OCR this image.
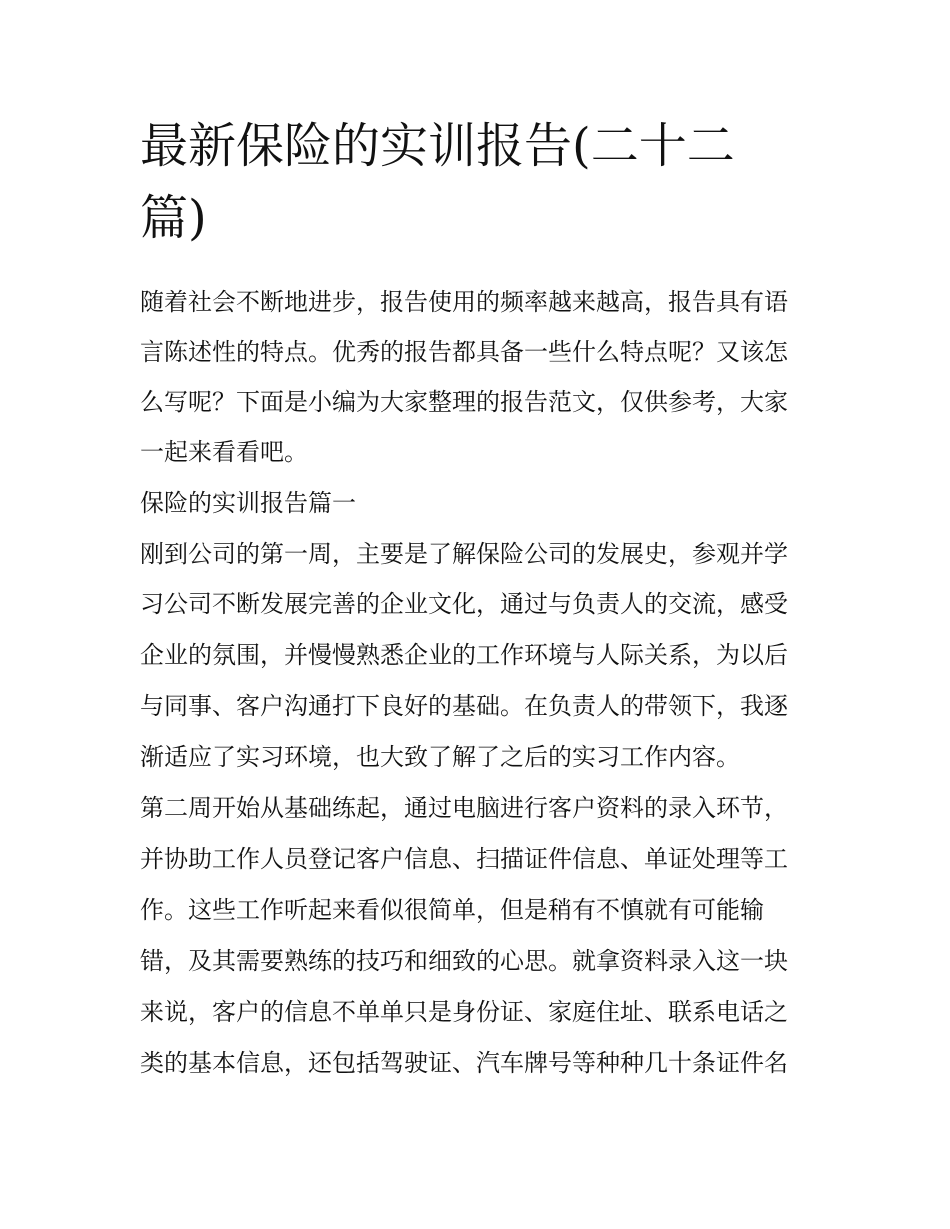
最新保险的实训报告(二十二
篇)

随着社会不断地进步，报告使用的频率越来越高，报告具有语

言陈述性的特点。优秀的报告都具备一些什么特点呢？又该怎

么写呢？下面是小编为大家整理的报告范文，仅供参考，大家

一起来看看吧。

保险的实训报告篇一

刚到公司的第一周，主要是了解保险公司的发展史，参观并学

习公司不断发展完善的企业文化，通过与负责人的交流，感受

企业的氛围，并慢慢熟悉企业的工作环境与人际关系，为以后

与同事、客户沟通打下良好的基础。在负责人的带领下，我逐

渐适应了实习环境，也大致了解了之后的实习工作内容。

第二周开始从基础练起，通过电脑进行客户资料的录入环节，

并协助工作人员登记客户信息、扫描证件信息、单证处理等工

作。这些工作听起来看似很简单，但是稍有不慎就有可能输

错，及其需要熟练的技巧和细致的心思。就拿资料录入这一块

来说，客户的信息不单单只是身份证、家庭住址、联系电话之

类的基本信息，还包括驾驶证、汽车牌号等种种几十条证件名
